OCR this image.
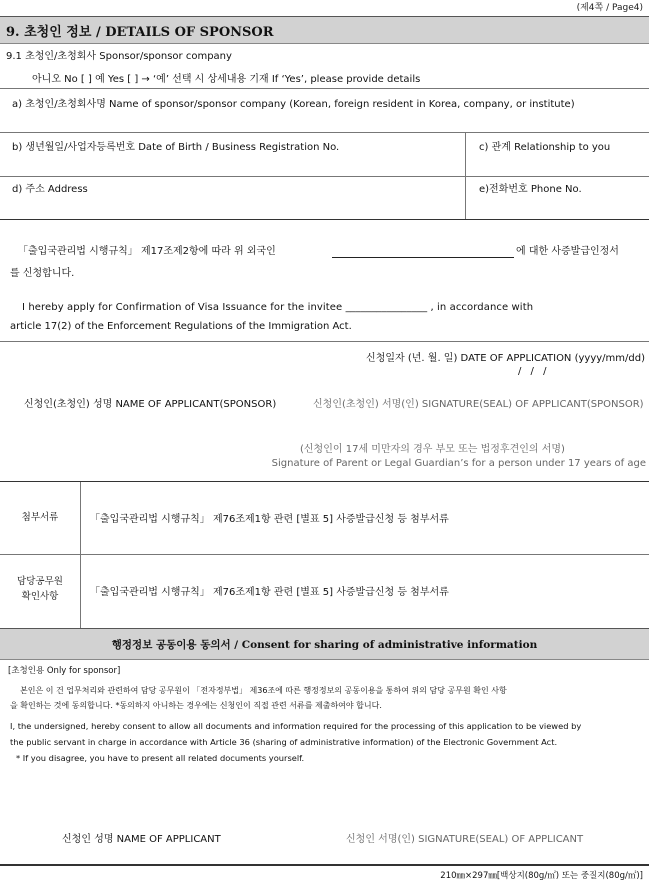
(제4쪽 / Page4)
9. 초청인 정보 / DETAILS OF SPONSOR
9.1 초청인/초청회사 Sponsor/sponsor company
아니오 No [ ] 예 Yes [ ] → ‘예’ 선택 시 상세내용 기재 If ‘Yes’, please provide details
a) 초청인/초청회사명 Name of sponsor/sponsor company (Korean, foreign resident in Korea, company, or institute)
b) 생년월일/사업자등록번호 Date of Birth / Business Registration No.	c) 관계 Relationship to you
d) 주소 Address	e)전화번호 Phone No.
「출입국관리법 시행규칙」 제17조제2항에 따라 위 외국인	에 대한 사증발급인정서
를 신청합니다.
I hereby apply for Confirmation of Visa Issuance for the invitee ________________ , in accordance with
article 17(2) of the Enforcement Regulations of the Immigration Act.
신청일자 (년. 월. 일) DATE OF APPLICATION (yyyy/mm/dd)
/ / /
신청인(초청인) 성명 NAME OF APPLICANT(SPONSOR)	신청인(초청인) 서명(인) SIGNATURE(SEAL) OF APPLICANT(SPONSOR)
(신청인이 17세 미만자의 경우 부모 또는 법정후견인의 서명)
Signature of Parent or Legal Guardian’s for a person under 17 years of age
첨부서류	「출입국관리법 시행규칙」 제76조제1항 관련 [별표 5] 사증발급신청 등 첨부서류
담당공무원
확인사항	「출입국관리법 시행규칙」 제76조제1항 관련 [별표 5] 사증발급신청 등 첨부서류
행정정보 공동이용 동의서 / Consent for sharing of administrative information
[초청인용 Only for sponsor]
본인은 이 건 업무처리와 관련하여 담당 공무원이 「전자정부법」 제36조에 따른 행정정보의 공동이용을 통하여 위의 담당 공무원 확인 사항
을 확인하는 것에 동의합니다. *동의하지 아니하는 경우에는 신청인이 직접 관련 서류를 제출하여야 합니다.
I, the undersigned, hereby consent to allow all documents and information required for the processing of this application to be viewed by
the public servant in charge in accordance with Article 36 (sharing of administrative information) of the Electronic Government Act.
* If you disagree, you have to present all related documents yourself.
신청인 성명 NAME OF APPLICANT	신청인 서명(인) SIGNATURE(SEAL) OF APPLICANT
210㎜×297㎜[백상지(80g/㎡) 또는 중질지(80g/㎡)]
